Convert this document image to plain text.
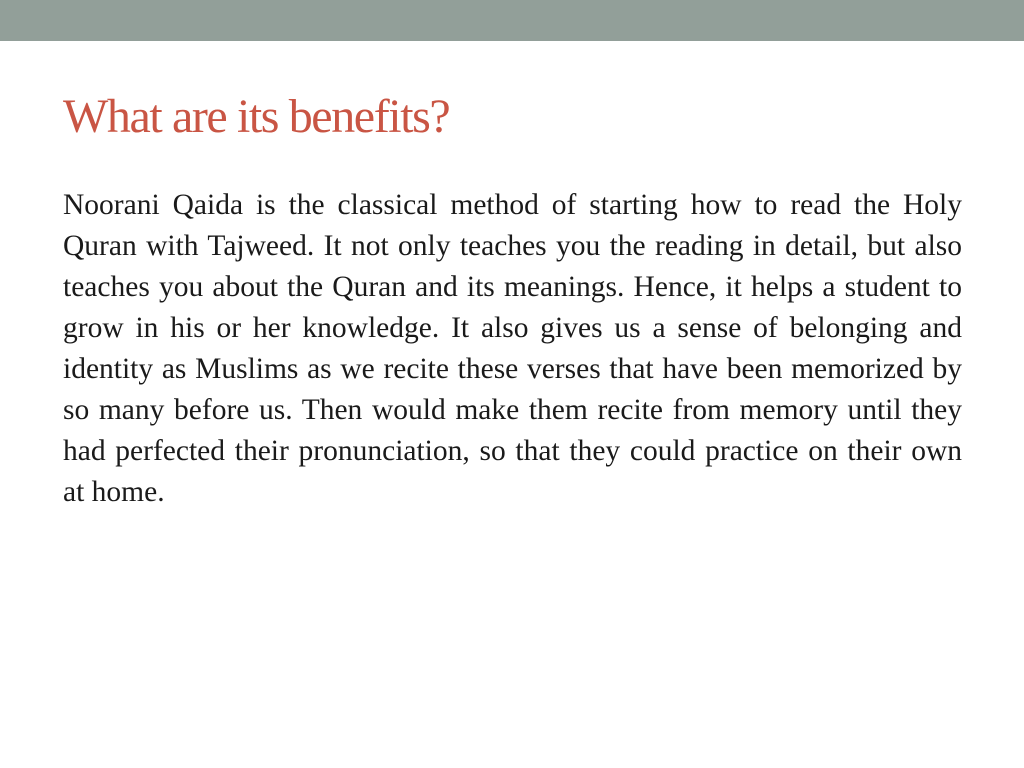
What are its benefits?

Noorani Qaida is the classical method of starting how to read the Holy Quran with Tajweed. It not only teaches you the reading in detail, but also teaches you about the Quran and its meanings. Hence, it helps a student to grow in his or her knowledge. It also gives us a sense of belonging and identity as Muslims as we recite these verses that have been memorized by so many before us. Then would make them recite from memory until they had perfected their pronunciation, so that they could practice on their own at home.
